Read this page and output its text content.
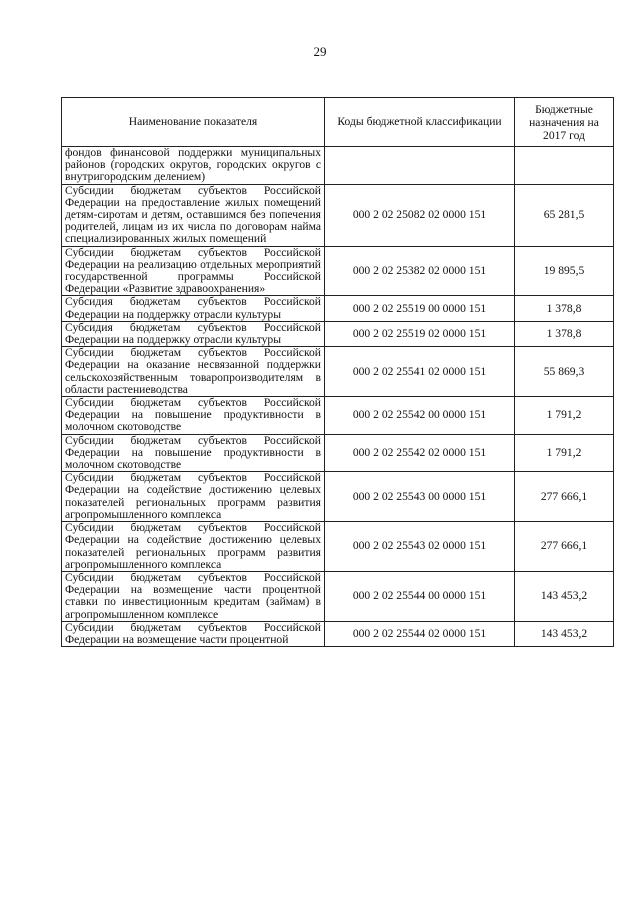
29
Наименование показателя	Коды бюджетной классификации	Бюджетные назначения на 2017 год
фондов финансовой поддержки муниципальных районов (городских округов, городских округов с внутригородским делением)		
Субсидии бюджетам субъектов Российской Федерации на предоставление жилых помещений детям-сиротам и детям, оставшимся без попечения родителей, лицам из их числа по договорам найма специализированных жилых помещений	000 2 02 25082 02 0000 151	65 281,5
Субсидии бюджетам субъектов Российской Федерации на реализацию отдельных мероприятий государственной программы Российской Федерации «Развитие здравоохранения»	000 2 02 25382 02 0000 151	19 895,5
Субсидия бюджетам субъектов Российской Федерации на поддержку отрасли культуры	000 2 02 25519 00 0000 151	1 378,8
Субсидия бюджетам субъектов Российской Федерации на поддержку отрасли культуры	000 2 02 25519 02 0000 151	1 378,8
Субсидии бюджетам субъектов Российской Федерации на оказание несвязанной поддержки сельскохозяйственным товаропроизводителям в области растениеводства	000 2 02 25541 02 0000 151	55 869,3
Субсидии бюджетам субъектов Российской Федерации на повышение продуктивности в молочном скотоводстве	000 2 02 25542 00 0000 151	1 791,2
Субсидии бюджетам субъектов Российской Федерации на повышение продуктивности в молочном скотоводстве	000 2 02 25542 02 0000 151	1 791,2
Субсидии бюджетам субъектов Российской Федерации на содействие достижению целевых показателей региональных программ развития агропромышленного комплекса	000 2 02 25543 00 0000 151	277 666,1
Субсидии бюджетам субъектов Российской Федерации на содействие достижению целевых показателей региональных программ развития агропромышленного комплекса	000 2 02 25543 02 0000 151	277 666,1
Субсидии бюджетам субъектов Российской Федерации на возмещение части процентной ставки по инвестиционным кредитам (займам) в агропромышленном комплексе	000 2 02 25544 00 0000 151	143 453,2
Субсидии бюджетам субъектов Российской Федерации на возмещение части процентной	000 2 02 25544 02 0000 151	143 453,2
